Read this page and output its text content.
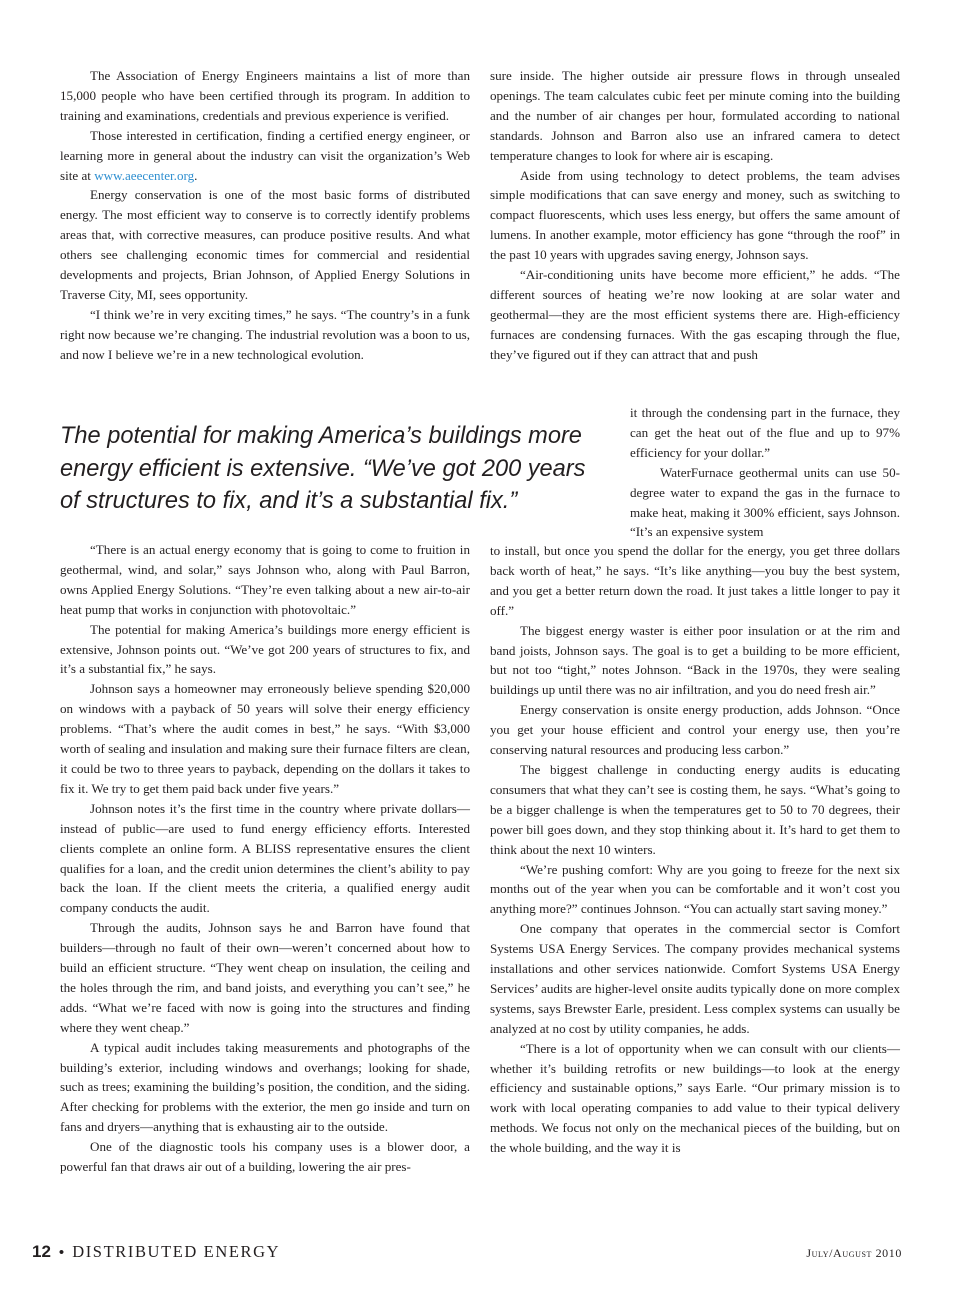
The Association of Energy Engineers maintains a list of more than 15,000 people who have been certified through its program. In addition to training and examinations, credentials and previous experience is verified.

Those interested in certification, finding a certified energy engineer, or learning more in general about the industry can visit the organization’s Web site at www.aeecenter.org.

Energy conservation is one of the most basic forms of distributed energy. The most efficient way to conserve is to correctly identify problems areas that, with corrective measures, can produce positive results. And what others see challenging economic times for commercial and residential developments and projects, Brian Johnson, of Applied Energy Solutions in Traverse City, MI, sees opportunity.

“I think we’re in very exciting times,” he says. “The country’s in a funk right now because we’re changing. The industrial revolution was a boon to us, and now I believe we’re in a new technological evolution.

The potential for making America’s buildings more energy efficient is extensive. “We’ve got 200 years of structures to fix, and it’s a substantial fix.”

“There is an actual energy economy that is going to come to fruition in geothermal, wind, and solar,” says Johnson who, along with Paul Barron, owns Applied Energy Solutions. “They’re even talking about a new air-to-air heat pump that works in conjunction with photovoltaic.”

The potential for making America’s buildings more energy efficient is extensive, Johnson points out. “We’ve got 200 years of structures to fix, and it’s a substantial fix,” he says.

Johnson says a homeowner may erroneously believe spending $20,000 on windows with a payback of 50 years will solve their energy efficiency problems. “That’s where the audit comes in best,” he says. “With $3,000 worth of sealing and insulation and making sure their furnace filters are clean, it could be two to three years to payback, depending on the dollars it takes to fix it. We try to get them paid back under five years.”

Johnson notes it’s the first time in the country where private dollars—instead of public—are used to fund energy efficiency efforts. Interested clients complete an online form. A BLISS representative ensures the client qualifies for a loan, and the credit union determines the client’s ability to pay back the loan. If the client meets the criteria, a qualified energy audit company conducts the audit.

Through the audits, Johnson says he and Barron have found that builders—through no fault of their own—weren’t concerned about how to build an efficient structure. “They went cheap on insulation, the ceiling and the holes through the rim, and band joists, and everything you can’t see,” he adds. “What we’re faced with now is going into the structures and finding where they went cheap.”

A typical audit includes taking measurements and photographs of the building’s exterior, including windows and overhangs; looking for shade, such as trees; examining the building’s position, the condition, and the siding. After checking for problems with the exterior, the men go inside and turn on fans and dryers—anything that is exhausting air to the outside.

One of the diagnostic tools his company uses is a blower door, a powerful fan that draws air out of a building, lowering the air pres-

sure inside. The higher outside air pressure flows in through unsealed openings. The team calculates cubic feet per minute coming into the building and the number of air changes per hour, formulated according to national standards. Johnson and Barron also use an infrared camera to detect temperature changes to look for where air is escaping.

Aside from using technology to detect problems, the team advises simple modifications that can save energy and money, such as switching to compact fluorescents, which uses less energy, but offers the same amount of lumens. In another example, motor efficiency has gone “through the roof” in the past 10 years with upgrades saving energy, Johnson says.

“Air-conditioning units have become more efficient,” he adds. “The different sources of heating we’re now looking at are solar water and geothermal—they are the most efficient systems there are. High-efficiency furnaces are condensing furnaces. With the gas escaping through the flue, they’ve figured out if they can attract that and push

it through the condensing part in the furnace, they can get the heat out of the flue and up to 97% efficiency for your dollar.”

WaterFurnace geothermal units can use 50-degree water to expand the gas in the furnace to make heat, making it 300% efficient, says Johnson. “It’s an expensive system

to install, but once you spend the dollar for the energy, you get three dollars back worth of heat,” he says. “It’s like anything—you buy the best system, and you get a better return down the road. It just takes a little longer to pay it off.”

The biggest energy waster is either poor insulation or at the rim and band joists, Johnson says. The goal is to get a building to be more efficient, but not too “tight,” notes Johnson. “Back in the 1970s, they were sealing buildings up until there was no air infiltration, and you do need fresh air.”

Energy conservation is onsite energy production, adds Johnson. “Once you get your house efficient and control your energy use, then you’re conserving natural resources and producing less carbon.”

The biggest challenge in conducting energy audits is educating consumers that what they can’t see is costing them, he says. “What’s going to be a bigger challenge is when the temperatures get to 50 to 70 degrees, their power bill goes down, and they stop thinking about it. It’s hard to get them to think about the next 10 winters.

“We’re pushing comfort: Why are you going to freeze for the next six months out of the year when you can be comfortable and it won’t cost you anything more?” continues Johnson. “You can actually start saving money.”

One company that operates in the commercial sector is Comfort Systems USA Energy Services. The company provides mechanical systems installations and other services nationwide. Comfort Systems USA Energy Services’ audits are higher-level onsite audits typically done on more complex systems, says Brewster Earle, president. Less complex systems can usually be analyzed at no cost by utility companies, he adds.

“There is a lot of opportunity when we can consult with our clients—whether it’s building retrofits or new buildings—to look at the energy efficiency and sustainable options,” says Earle. “Our primary mission is to work with local operating companies to add value to their typical delivery methods. We focus not only on the mechanical pieces of the building, but on the whole building, and the way it is

12 • DISTRIBUTED ENERGY	July/August 2010
